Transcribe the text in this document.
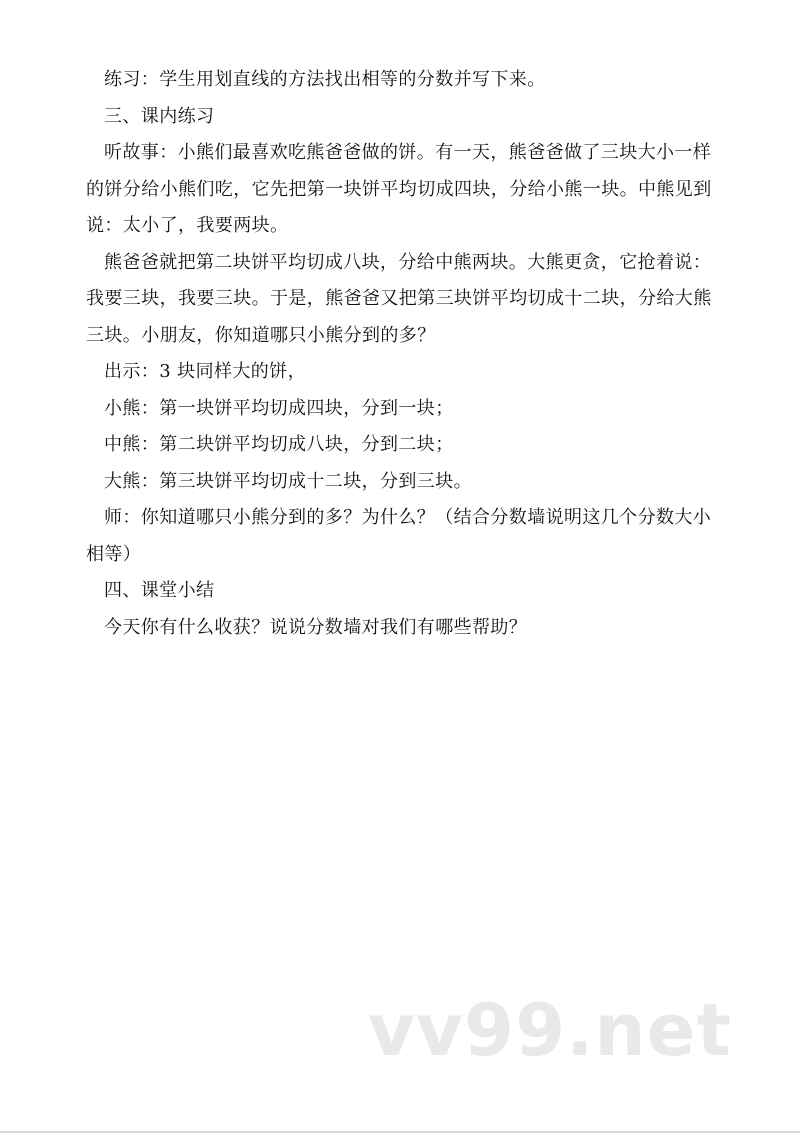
练习：学生用划直线的方法找出相等的分数并写下来。

三、课内练习

听故事：小熊们最喜欢吃熊爸爸做的饼。有一天，熊爸爸做了三块大小一样的饼分给小熊们吃，它先把第一块饼平均切成四块，分给小熊一块。中熊见到说：太小了，我要两块。

熊爸爸就把第二块饼平均切成八块，分给中熊两块。大熊更贪，它抢着说：我要三块，我要三块。于是，熊爸爸又把第三块饼平均切成十二块，分给大熊三块。小朋友，你知道哪只小熊分到的多？

出示：3 块同样大的饼，

小熊：第一块饼平均切成四块，分到一块；

中熊：第二块饼平均切成八块，分到二块；

大熊：第三块饼平均切成十二块，分到三块。

师：你知道哪只小熊分到的多？为什么？（结合分数墙说明这几个分数大小相等）

四、课堂小结

今天你有什么收获？说说分数墙对我们有哪些帮助？

vv99.net
